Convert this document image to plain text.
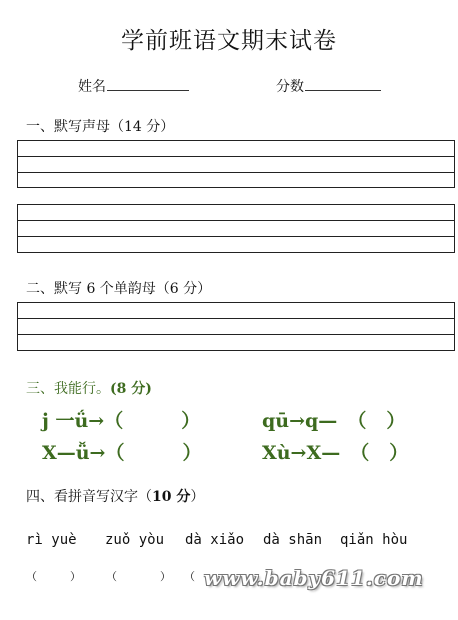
学前班语文期末试卷
姓名	分数
一、默写声母（14 分）
二、默写 6 个单韵母（6 分）
三、我能行。(8 分)
j 一ǘ→（	）	qū→q— （ ）
X—ǚ→（	）	Xù→X— （ ）
四、看拼音写汉字（10 分）
rì yuè zuǒ yòu dà xiǎo dà shān qiǎn hòu
（	） （	） （ www.baby611.com
